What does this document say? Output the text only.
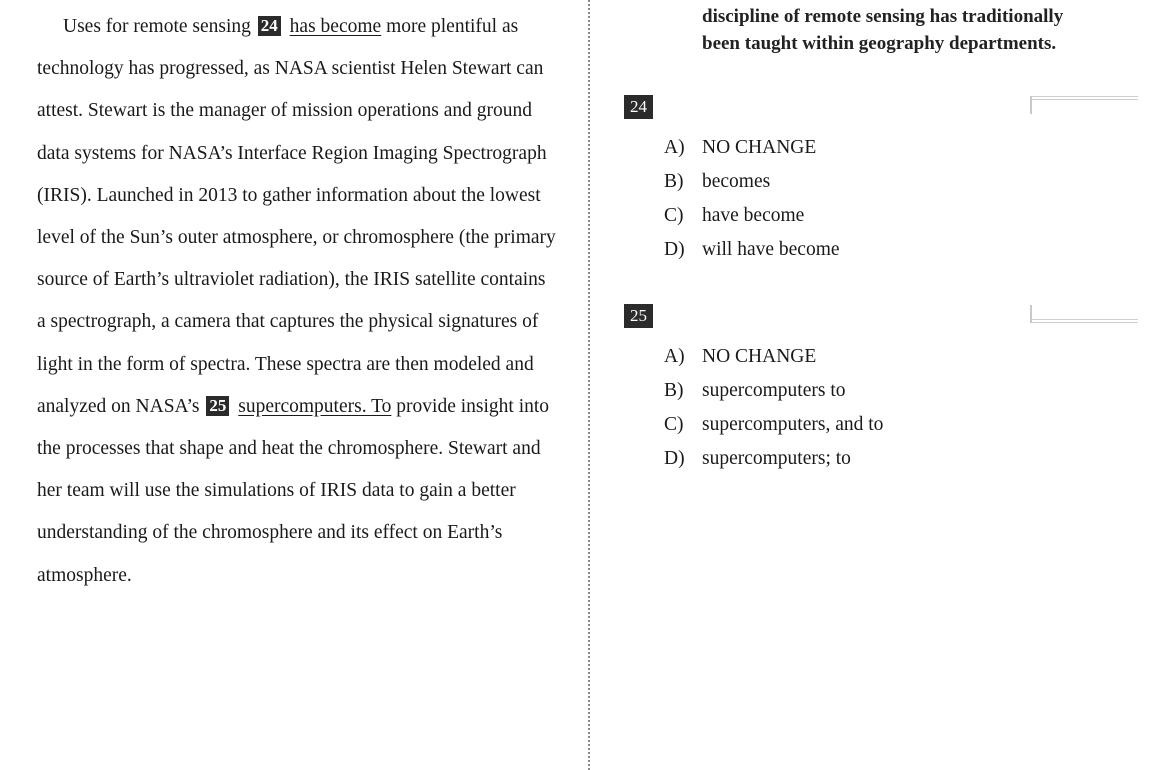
Uses for remote sensing 24 has become more plentiful as technology has progressed, as NASA scientist Helen Stewart can attest. Stewart is the manager of mission operations and ground data systems for NASA’s Interface Region Imaging Spectrograph (IRIS). Launched in 2013 to gather information about the lowest level of the Sun’s outer atmosphere, or chromosphere (the primary source of Earth’s ultraviolet radiation), the IRIS satellite contains a spectrograph, a camera that captures the physical signatures of light in the form of spectra. These spectra are then modeled and analyzed on NASA’s 25 supercomputers. To provide insight into the processes that shape and heat the chromosphere. Stewart and her team will use the simulations of IRIS data to gain a better understanding of the chromosphere and its effect on Earth’s atmosphere.

discipline of remote sensing has traditionally
been taught within geography departments.
24
A) NO CHANGE
B) becomes
C) have become
D) will have become
25
A) NO CHANGE
B) supercomputers to
C) supercomputers, and to
D) supercomputers; to
